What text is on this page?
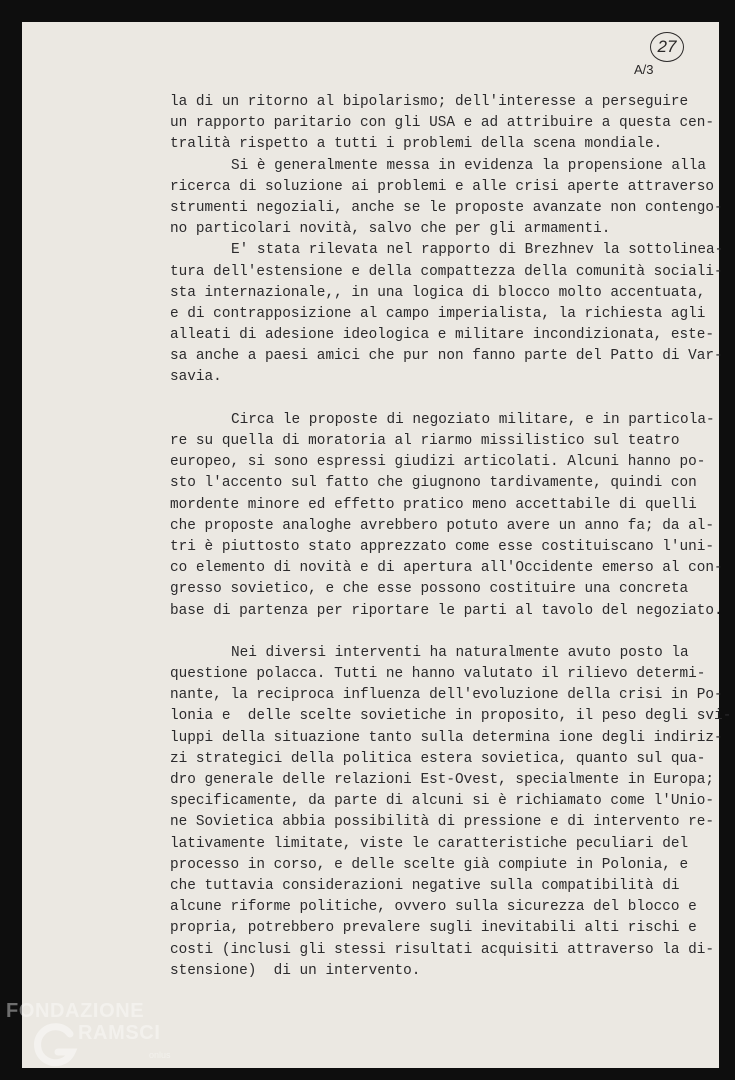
27
A/3
la di un ritorno al bipolarismo; dell'interesse a perseguire
un rapporto paritario con gli USA e ad attribuire a questa cen-
tralità rispetto a tutti i problemi della scena mondiale.
Si è generalmente messa in evidenza la propensione alla
ricerca di soluzione ai problemi e alle crisi aperte attraverso
strumenti negoziali, anche se le proposte avanzate non contengo-
no particolari novità, salvo che per gli armamenti.
E' stata rilevata nel rapporto di Brezhnev la sottolinea-
tura dell'estensione e della compattezza della comunità sociali-
sta internazionale,, in una logica di blocco molto accentuata,
e di contrapposizione al campo imperialista, la richiesta agli
alleati di adesione ideologica e militare incondizionata, este-
sa anche a paesi amici che pur non fanno parte del Patto di Var-
savia.
Circa le proposte di negoziato militare, e in particola-
re su quella di moratoria al riarmo missilistico sul teatro
europeo, si sono espressi giudizi articolati. Alcuni hanno po-
sto l'accento sul fatto che giugnono tardivamente, quindi con
mordente minore ed effetto pratico meno accettabile di quelli
che proposte analoghe avrebbero potuto avere un anno fa; da al-
tri è piuttosto stato apprezzato come esse costituiscano l'uni-
co elemento di novità e di apertura all'Occidente emerso al con-
gresso sovietico, e che esse possono costituire una concreta
base di partenza per riportare le parti al tavolo del negoziato.
Nei diversi interventi ha naturalmente avuto posto la
questione polacca. Tutti ne hanno valutato il rilievo determi-
nante, la reciproca influenza dell'evoluzione della crisi in Po-
lonia e  delle scelte sovietiche in proposito, il peso degli svi-
luppi della situazione tanto sulla determina ione degli indiriz-
zi strategici della politica estera sovietica, quanto sul qua-
dro generale delle relazioni Est-Ovest, specialmente in Europa;
specificamente, da parte di alcuni si è richiamato come l'Unio-
ne Sovietica abbia possibilità di pressione e di intervento re-
lativamente limitate, viste le caratteristiche peculiari del
processo in corso, e delle scelte già compiute in Polonia, e
che tuttavia considerazioni negative sulla compatibilità di
alcune riforme politiche, ovvero sulla sicurezza del blocco e
propria, potrebbero prevalere sugli inevitabili alti rischi e
costi (inclusi gli stessi risultati acquisiti attraverso la di-
stensione)  di un intervento.
FONDAZIONE
RAMSCI
onlus
